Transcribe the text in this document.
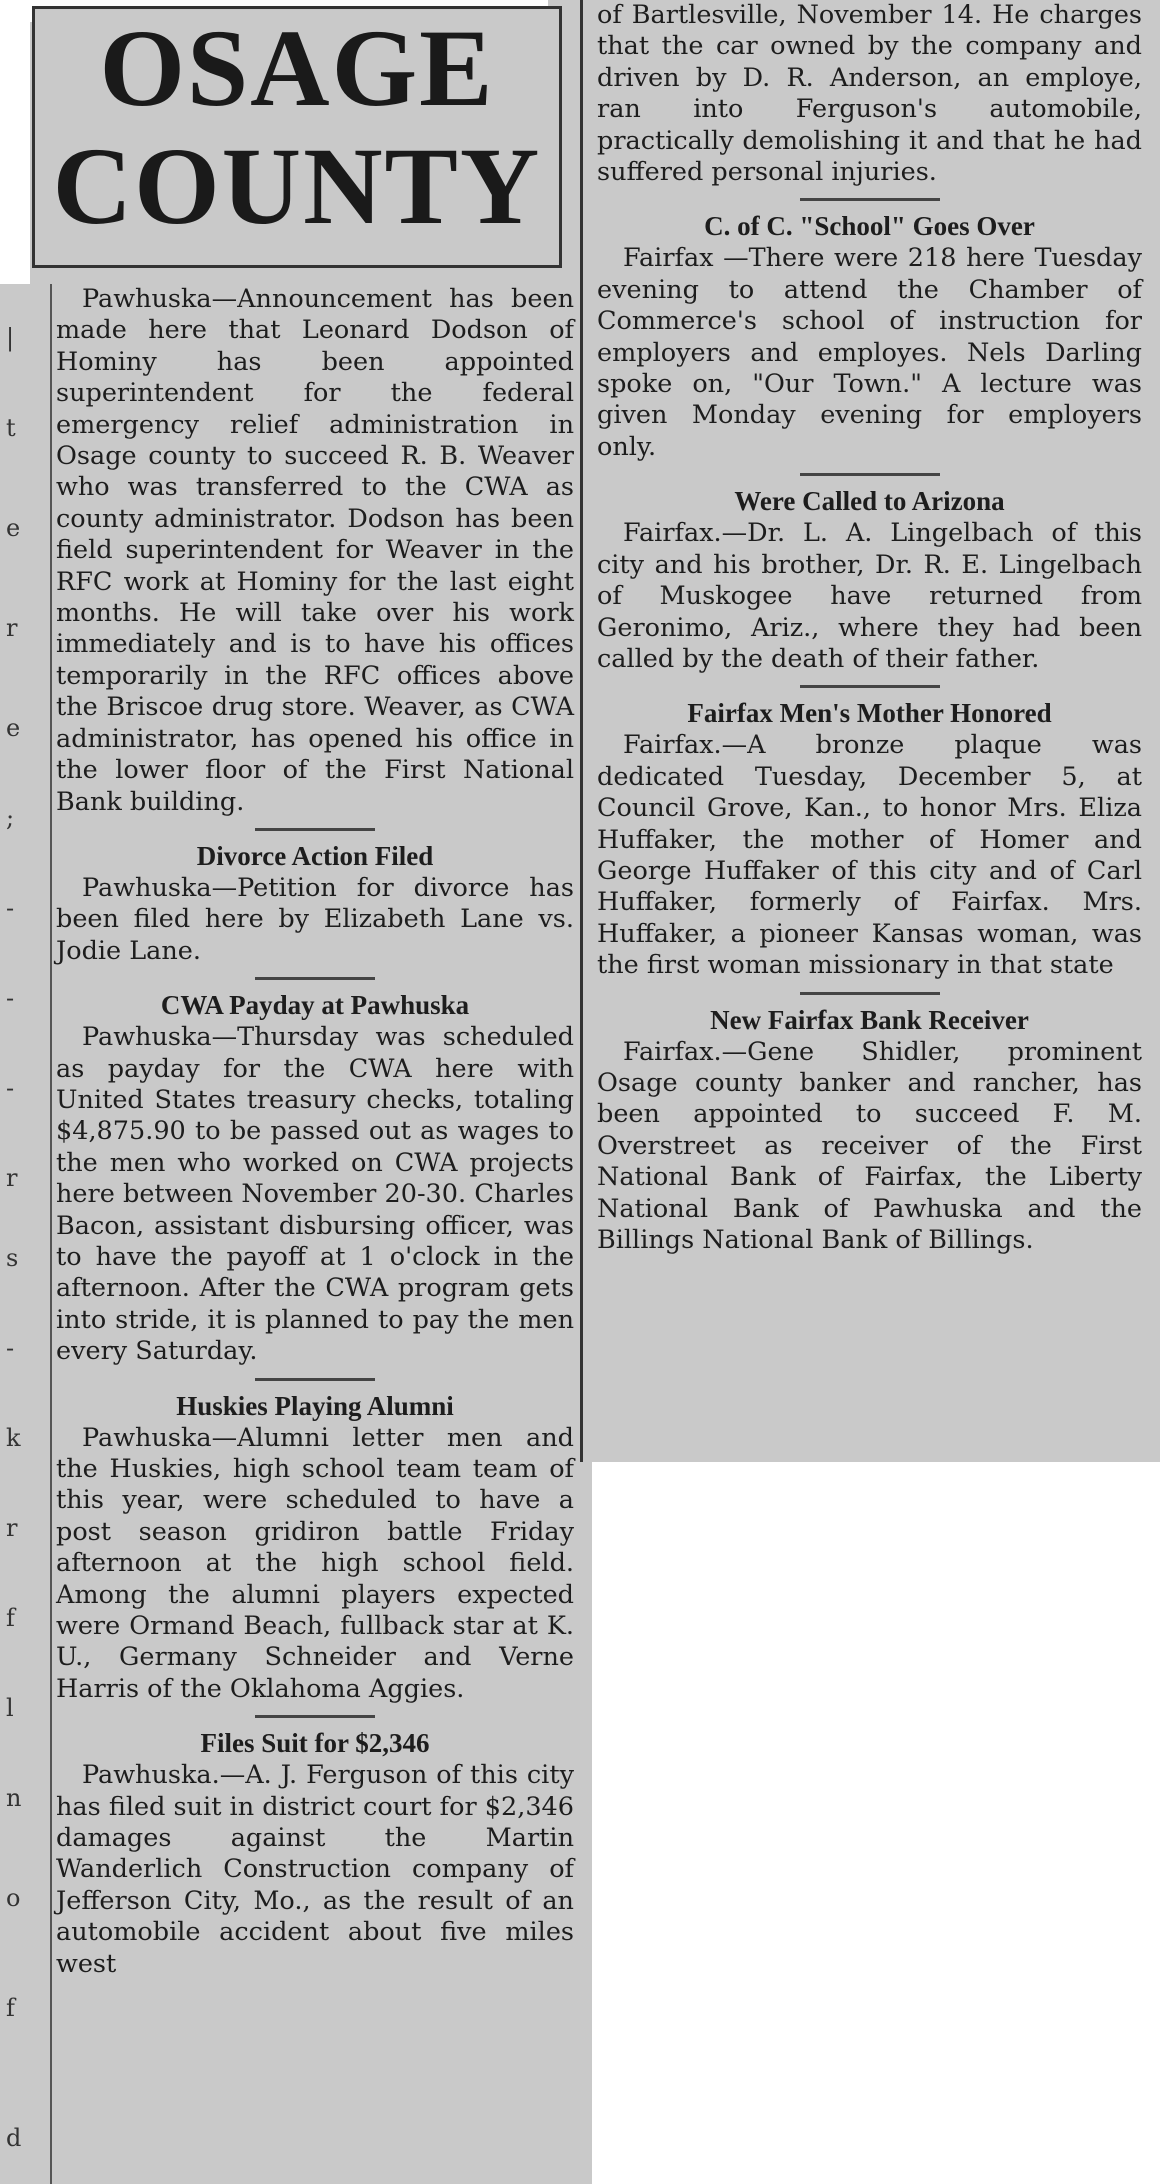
Pawhuska—Announcement has been made here that Leonard Dodson of Hominy has been appointed superintendent for the federal emergency relief administration in Osage county to succeed R. B. Weaver who was transferred to the CWA as county administrator. Dodson has been field superintendent for Weaver in the RFC work at Hominy for the last eight months. He will take over his work immediately and is to have his offices temporarily in the RFC offices above the Briscoe drug store. Weaver, as CWA administrator, has opened his office in the lower floor of the First National Bank building.

Divorce Action Filed

Pawhuska—Petition for divorce has been filed here by Elizabeth Lane vs. Jodie Lane.

CWA Payday at Pawhuska

Pawhuska—Thursday was scheduled as payday for the CWA here with United States treasury checks, totaling $4,875.90 to be passed out as wages to the men who worked on CWA projects here between November 20-30. Charles Bacon, assistant disbursing officer, was to have the payoff at 1 o'clock in the afternoon. After the CWA program gets into stride, it is planned to pay the men every Saturday.

Huskies Playing Alumni

Pawhuska—Alumni letter men and the Huskies, high school team team of this year, were scheduled to have a post season gridiron battle Friday afternoon at the high school field. Among the alumni players expected were Ormand Beach, fullback star at K. U., Germany Schneider and Verne Harris of the Oklahoma Aggies.

Files Suit for $2,346

Pawhuska.—A. J. Ferguson of this city has filed suit in district court for $2,346 damages against the Martin Wanderlich Construction company of Jefferson City, Mo., as the result of an automobile accident about five miles west

OSAGE
COUNTY
|
t
e
r
e
;
-
-
-
r
s
-
k
r
f
l
n
o
f
d

of Bartlesville, November 14. He charges that the car owned by the company and driven by D. R. Anderson, an employe, ran into Ferguson's automobile, practically demolishing it and that he had suffered personal injuries.

C. of C. "School" Goes Over

Fairfax —There were 218 here Tuesday evening to attend the Chamber of Commerce's school of instruction for employers and employes. Nels Darling spoke on, "Our Town." A lecture was given Monday evening for employers only.

Were Called to Arizona

Fairfax.—Dr. L. A. Lingelbach of this city and his brother, Dr. R. E. Lingelbach of Muskogee have returned from Geronimo, Ariz., where they had been called by the death of their father.

Fairfax Men's Mother Honored

Fairfax.—A bronze plaque was dedicated Tuesday, December 5, at Council Grove, Kan., to honor Mrs. Eliza Huffaker, the mother of Homer and George Huffaker of this city and of Carl Huffaker, formerly of Fairfax. Mrs. Huffaker, a pioneer Kansas woman, was the first woman missionary in that state

New Fairfax Bank Receiver

Fairfax.—Gene Shidler, prominent Osage county banker and rancher, has been appointed to succeed F. M. Overstreet as receiver of the First National Bank of Fairfax, the Liberty National Bank of Pawhuska and the Billings National Bank of Billings.
